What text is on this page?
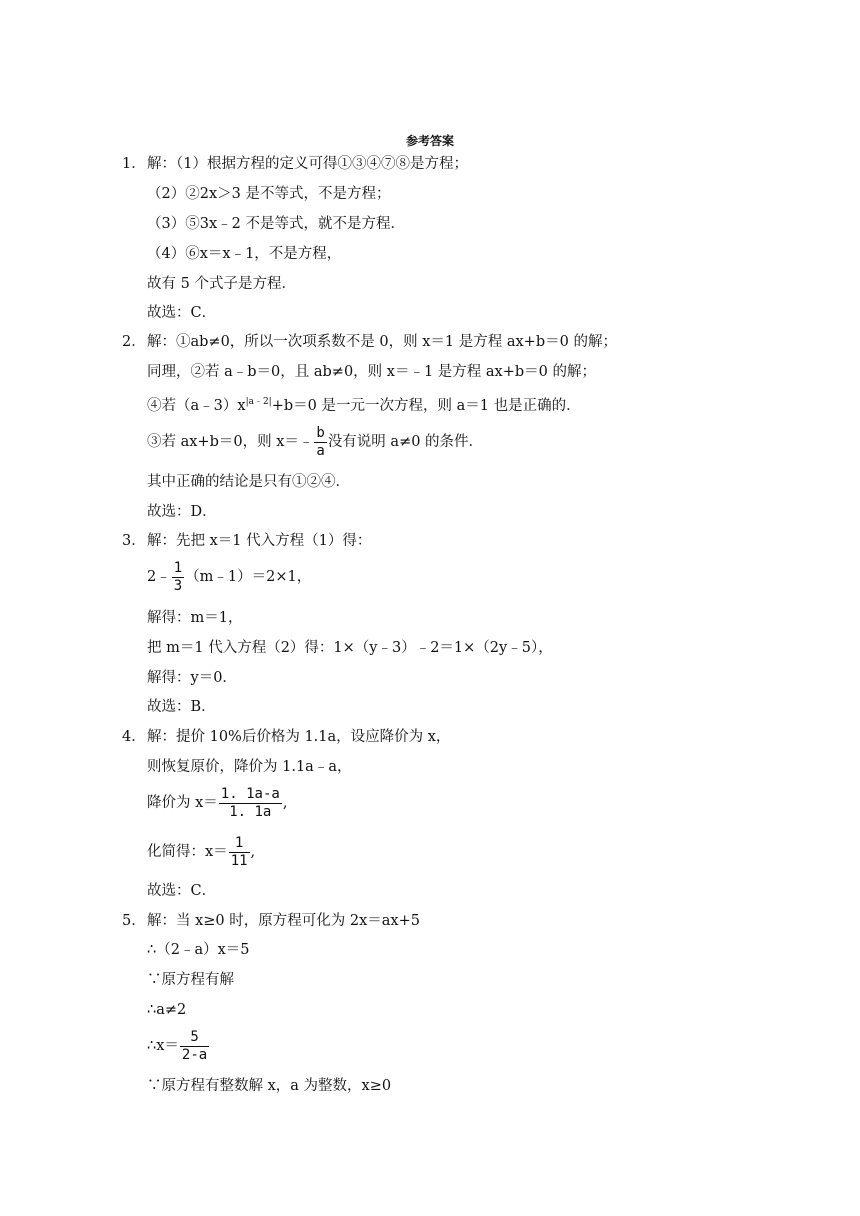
参考答案
1． 解：（1）根据方程的定义可得①③④⑦⑧是方程；
（2）②2x＞3 是不等式，不是方程；
（3）⑤3x﹣2 不是等式，就不是方程．
（4）⑥x＝x﹣1，不是方程，
故有 5 个式子是方程．
故选：C．
2． 解：①ab≠0，所以一次项系数不是 0，则 x＝1 是方程 ax+b＝0 的解；
同理，②若 a﹣b＝0，且 ab≠0，则 x＝﹣1 是方程 ax+b＝0 的解；
④若$(a﹣3)x^{|a﹣2|}+b=0$ 是一元一次方程，则 a＝1 也是正确的．
③若 ax+b＝0，则 x＝﹣ $\frac{b}{a}$ 没有说明 a≠0 的条件．
其中正确的结论是只有①②④．
故选：D．
3． 解：先把 x＝1 代入方程（1）得：
2﹣ $\frac{1}{3}$ （m﹣1）＝2×1，
解得：m＝1，
把 m＝1 代入方程（2）得：1×（y﹣3）﹣2＝1×（2y﹣5），
解得：y＝0．
故选：B．
4． 解：提价 10%后价格为 1.1a，设应降价为 x，
则恢复原价，降价为 1.1a﹣a，
降价为 $x= \frac{1. 1a-a}{1. 1a}$ ,
化简得：$x= \frac{1}{11}$ ,
故选：C．
5． 解：当 x≥0 时，原方程可化为 2x＝ax+5
∴（2﹣a）x＝5
∵原方程有解
∴a≠2
∴x＝ $\frac{5}{2-a}$
∵原方程有整数解 x，a 为整数，x≥0
